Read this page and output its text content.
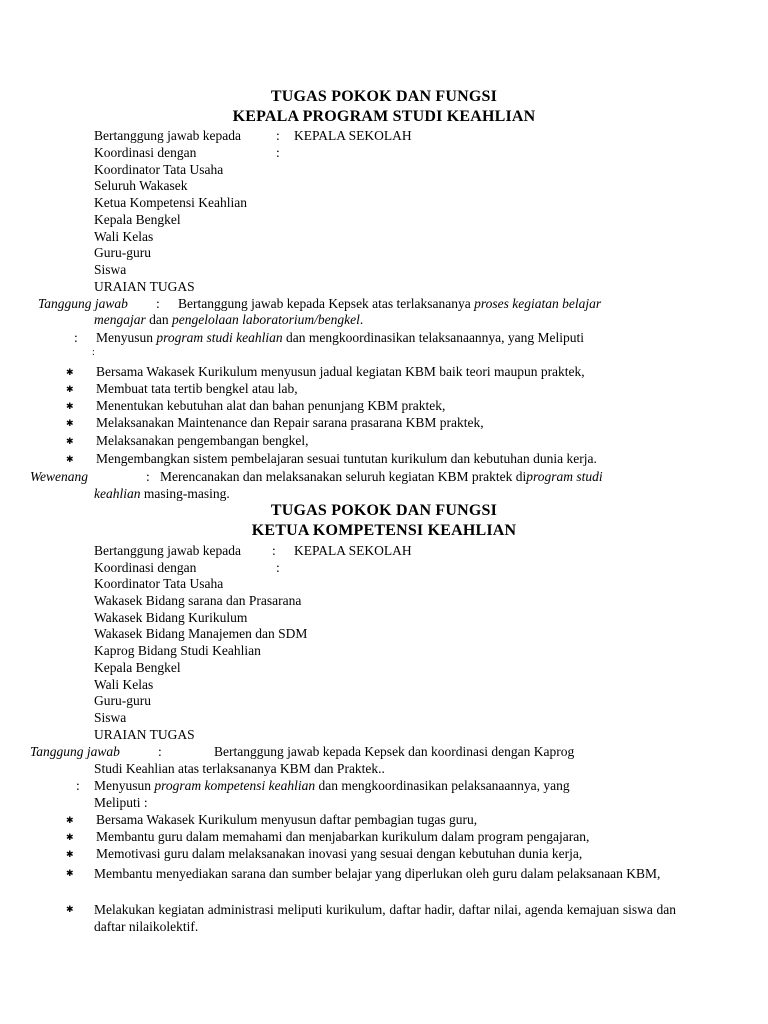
TUGAS POKOK DAN FUNGSI
KEPALA PROGRAM STUDI KEAHLIAN
Bertanggung jawab kepada	: KEPALA SEKOLAH
Koordinasi dengan	:
Koordinator Tata Usaha
Seluruh Wakasek
Ketua Kompetensi Keahlian
Kepala Bengkel
Wali Kelas
Guru-guru
Siswa
URAIAN TUGAS
Tanggung jawab : Bertanggung jawab kepada Kepsek atas terlaksananya proses kegiatan belajar
mengajar dan pengelolaan laboratorium/bengkel.
: Menyusun program studi keahlian dan mengkoordinasikan telaksanaannya, yang Meliputi
:
✱ Bersama Wakasek Kurikulum menyusun jadual kegiatan KBM baik teori maupun praktek,
✱ Membuat tata tertib bengkel atau lab,
✱ Menentukan kebutuhan alat dan bahan penunjang KBM praktek,
✱ Melaksanakan Maintenance dan Repair sarana prasarana KBM praktek,
✱ Melaksanakan pengembangan bengkel,
✱ Mengembangkan sistem pembelajaran sesuai tuntutan kurikulum dan kebutuhan dunia kerja.
Wewenang	: Merencanakan dan melaksanakan seluruh kegiatan KBM praktek diprogram studi
keahlian masing-masing.
TUGAS POKOK DAN FUNGSI
KETUA KOMPETENSI KEAHLIAN
Bertanggung jawab kepada : KEPALA SEKOLAH
Koordinasi dengan	:
Koordinator Tata Usaha
Wakasek Bidang sarana dan Prasarana
Wakasek Bidang Kurikulum
Wakasek Bidang Manajemen dan SDM
Kaprog Bidang Studi Keahlian
Kepala Bengkel
Wali Kelas
Guru-guru
Siswa
URAIAN TUGAS
Tanggung jawab	:	Bertanggung jawab kepada Kepsek dan koordinasi dengan Kaprog
Studi Keahlian atas terlaksananya KBM dan Praktek..
: Menyusun program kompetensi keahlian dan mengkoordinasikan pelaksanaannya, yang
Meliputi :
✱ Bersama Wakasek Kurikulum menyusun daftar pembagian tugas guru,
✱ Membantu guru dalam memahami dan menjabarkan kurikulum dalam program pengajaran,
✱ Memotivasi guru dalam melaksanakan inovasi yang sesuai dengan kebutuhan dunia kerja,
✱ Membantu menyediakan sarana dan sumber belajar yang diperlukan oleh guru dalam pelaksanaan KBM,
✱ Melakukan kegiatan administrasi meliputi kurikulum, daftar hadir, daftar nilai, agenda kemajuan siswa dan daftar nilaikolektif.
